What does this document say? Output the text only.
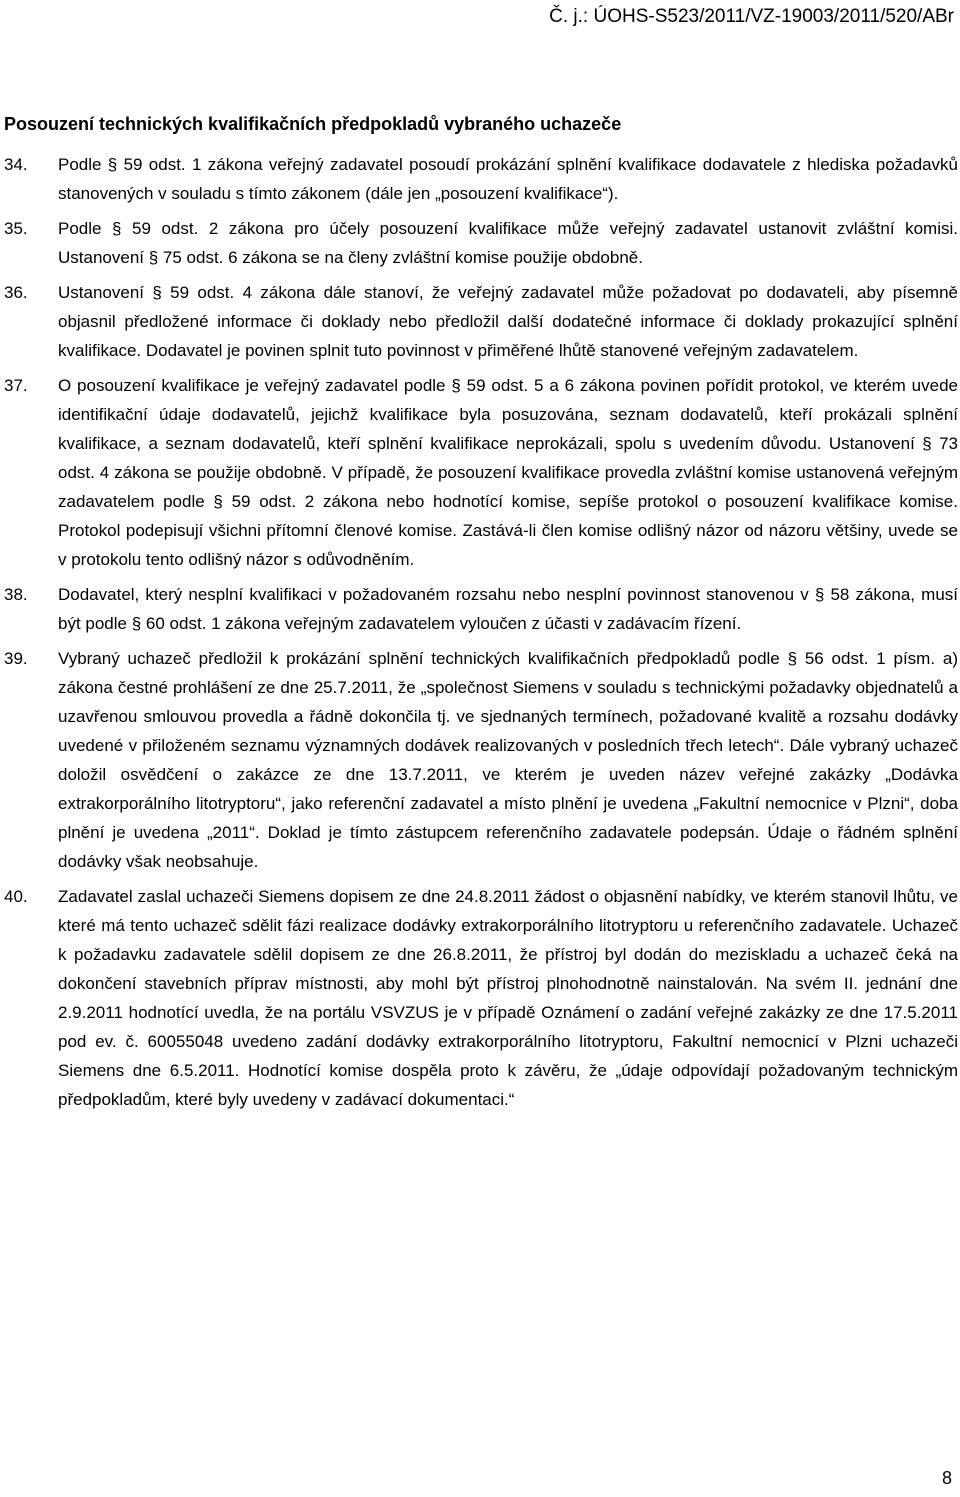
Č. j.: ÚOHS-S523/2011/VZ-19003/2011/520/ABr
Posouzení technických kvalifikačních předpokladů vybraného uchazeče
34. Podle § 59 odst. 1 zákona veřejný zadavatel posoudí prokázání splnění kvalifikace dodavatele z hlediska požadavků stanovených v souladu s tímto zákonem (dále jen „posouzení kvalifikace“).
35. Podle § 59 odst. 2 zákona pro účely posouzení kvalifikace může veřejný zadavatel ustanovit zvláštní komisi. Ustanovení § 75 odst. 6 zákona se na členy zvláštní komise použije obdobně.
36. Ustanovení § 59 odst. 4 zákona dále stanoví, že veřejný zadavatel může požadovat po dodavateli, aby písemně objasnil předložené informace či doklady nebo předložil další dodatečné informace či doklady prokazující splnění kvalifikace. Dodavatel je povinen splnit tuto povinnost v přiměřené lhůtě stanovené veřejným zadavatelem.
37. O posouzení kvalifikace je veřejný zadavatel podle § 59 odst. 5 a 6 zákona povinen pořídit protokol, ve kterém uvede identifikační údaje dodavatelů, jejichž kvalifikace byla posuzována, seznam dodavatelů, kteří prokázali splnění kvalifikace, a seznam dodavatelů, kteří splnění kvalifikace neprokázali, spolu s uvedením důvodu. Ustanovení § 73 odst. 4 zákona se použije obdobně. V případě, že posouzení kvalifikace provedla zvláštní komise ustanovená veřejným zadavatelem podle § 59 odst. 2 zákona nebo hodnotící komise, sepíše protokol o posouzení kvalifikace komise. Protokol podepisují všichni přítomní členové komise. Zastává-li člen komise odlišný názor od názoru většiny, uvede se v protokolu tento odlišný názor s odůvodněním.
38. Dodavatel, který nesplní kvalifikaci v požadovaném rozsahu nebo nesplní povinnost stanovenou v § 58 zákona, musí být podle § 60 odst. 1 zákona veřejným zadavatelem vyloučen z účasti v zadávacím řízení.
39. Vybraný uchazeč předložil k prokázání splnění technických kvalifikačních předpokladů podle § 56 odst. 1 písm. a) zákona čestné prohlášení ze dne 25.7.2011, že „společnost Siemens v souladu s technickými požadavky objednatelů a uzavřenou smlouvou provedla a řádně dokončila tj. ve sjednaných termínech, požadované kvalitě a rozsahu dodávky uvedené v přiloženém seznamu významných dodávek realizovaných v posledních třech letech“. Dále vybraný uchazeč doložil osvědčení o zakázce ze dne 13.7.2011, ve kterém je uveden název veřejné zakázky „Dodávka extrakorporálního litotryptoru“, jako referenční zadavatel a místo plnění je uvedena „Fakultní nemocnice v Plzni“, doba plnění je uvedena „2011“. Doklad je tímto zástupcem referenčního zadavatele podepsán. Údaje o řádném splnění dodávky však neobsahuje.
40. Zadavatel zaslal uchazeči Siemens dopisem ze dne 24.8.2011 žádost o objasnění nabídky, ve kterém stanovil lhůtu, ve které má tento uchazeč sdělit fázi realizace dodávky extrakorporálního litotryptoru u referenčního zadavatele. Uchazeč k požadavku zadavatele sdělil dopisem ze dne 26.8.2011, že přístroj byl dodán do meziskladu a uchazeč čeká na dokončení stavebních příprav místnosti, aby mohl být přístroj plnohodnotně nainstalován. Na svém II. jednání dne 2.9.2011 hodnotící uvedla, že na portálu VSVZUS je v případě Oznámení o zadání veřejné zakázky ze dne 17.5.2011 pod ev. č. 60055048 uvedeno zadání dodávky extrakorporálního litotryptoru, Fakultní nemocnicí v Plzni uchazeči Siemens dne 6.5.2011. Hodnotící komise dospěla proto k závěru, že „údaje odpovídají požadovaným technickým předpokladům, které byly uvedeny v zadávací dokumentaci.“
8
